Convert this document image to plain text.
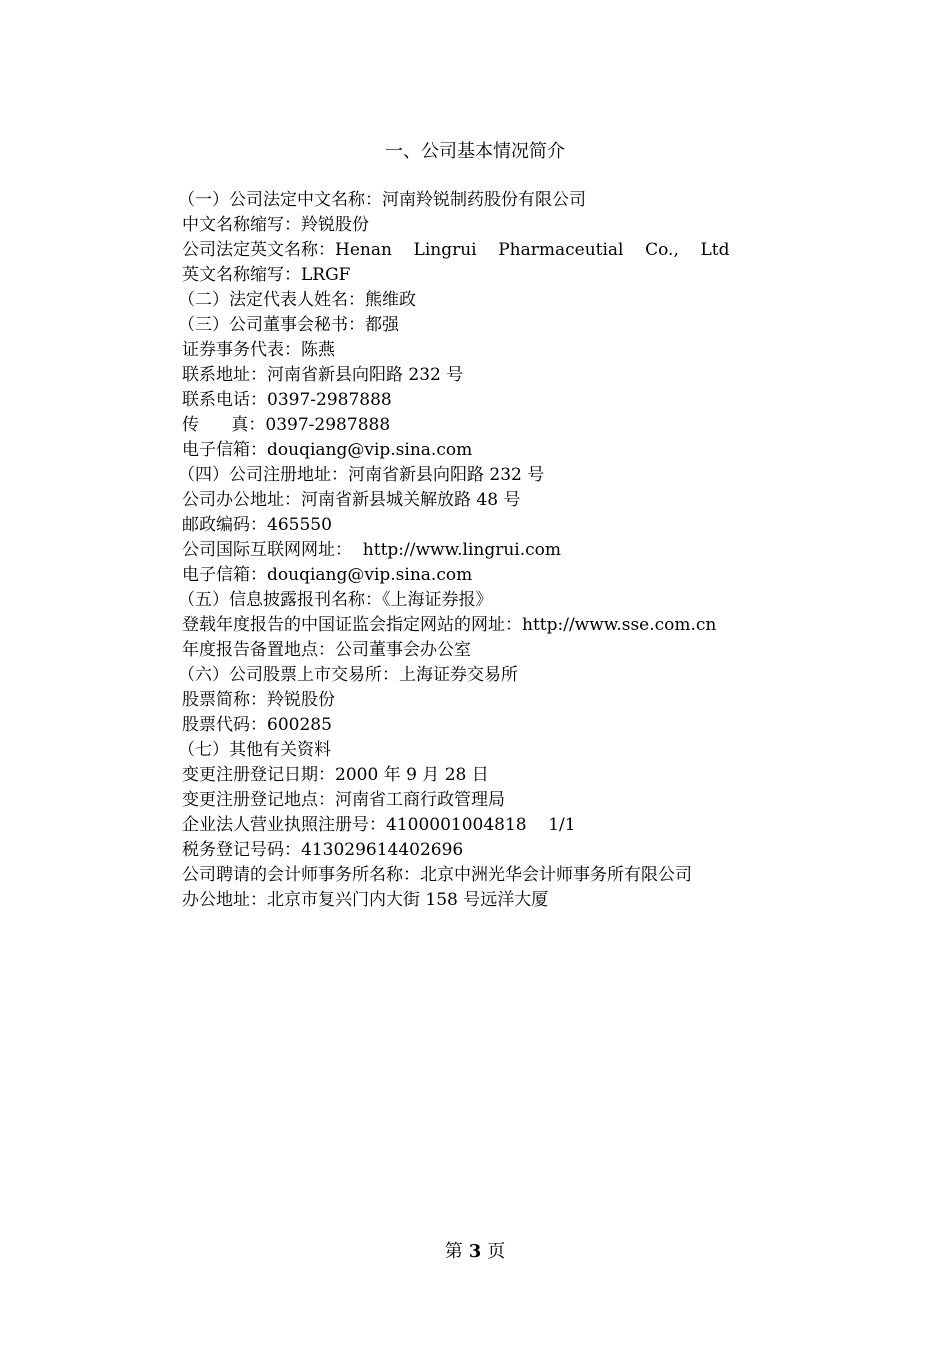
一、公司基本情况简介
（一）公司法定中文名称：河南羚锐制药股份有限公司
中文名称缩写：羚锐股份
公司法定英文名称：Henan    Lingrui    Pharmaceutial    Co.,    Ltd
英文名称缩写：LRGF
（二）法定代表人姓名：熊维政
（三）公司董事会秘书：都强
证券事务代表：陈燕
联系地址：河南省新县向阳路 232 号
联系电话：0397-2987888
传      真：0397-2987888
电子信箱：douqiang@vip.sina.com
（四）公司注册地址：河南省新县向阳路 232 号
公司办公地址：河南省新县城关解放路 48 号
邮政编码：465550
公司国际互联网网址：  http://www.lingrui.com
电子信箱：douqiang@vip.sina.com
（五）信息披露报刊名称：《上海证券报》
登载年度报告的中国证监会指定网站的网址：http://www.sse.com.cn
年度报告备置地点：公司董事会办公室
（六）公司股票上市交易所：上海证券交易所
股票简称：羚锐股份
股票代码：600285
（七）其他有关资料
变更注册登记日期：2000 年 9 月 28 日
变更注册登记地点：河南省工商行政管理局
企业法人营业执照注册号：4100001004818    1/1
税务登记号码：413029614402696
公司聘请的会计师事务所名称：北京中洲光华会计师事务所有限公司
办公地址：北京市复兴门内大街 158 号远洋大厦
第 3 页
